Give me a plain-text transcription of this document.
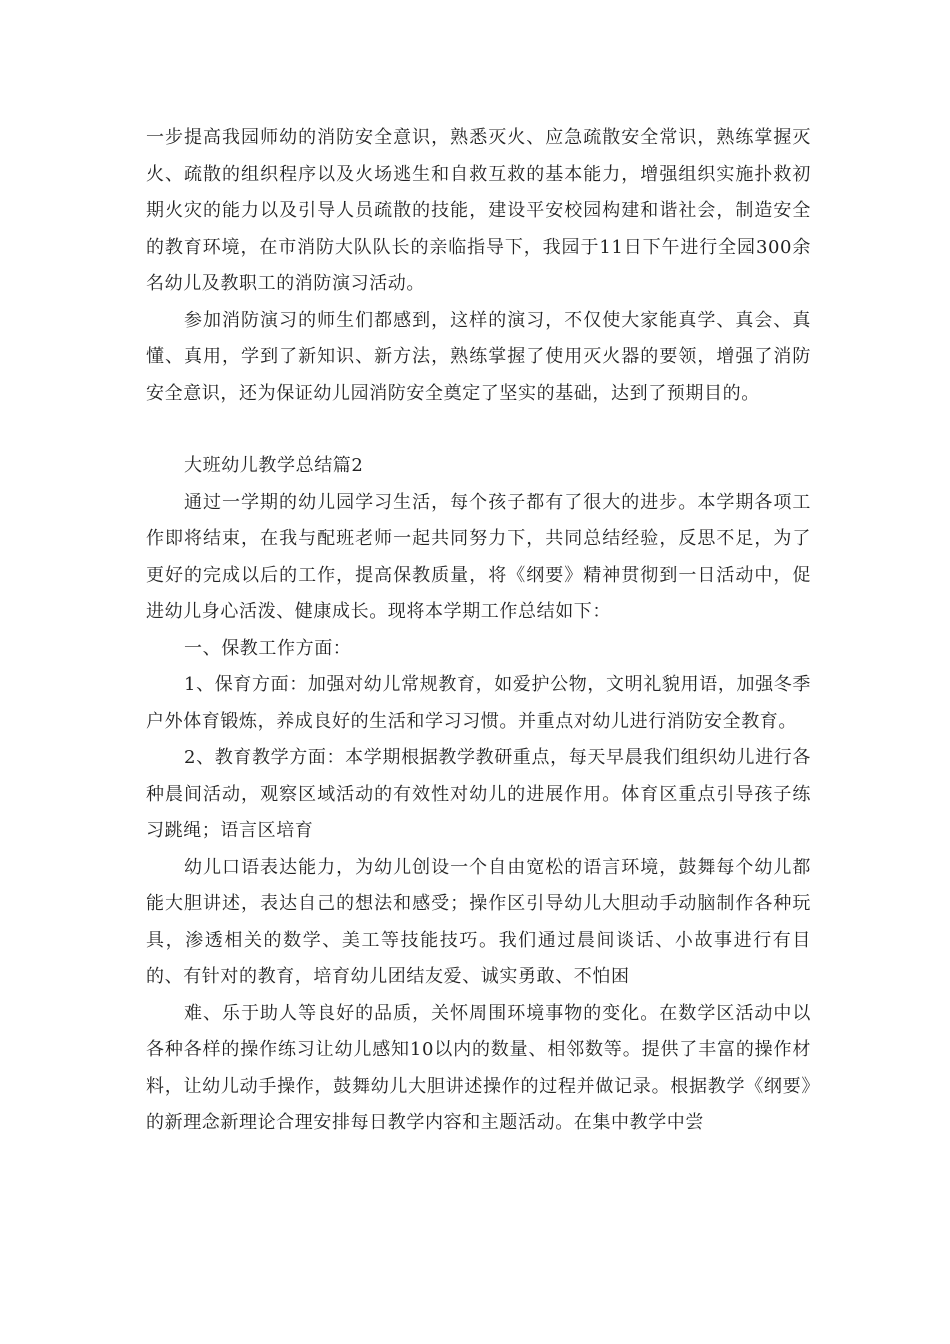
一步提高我园师幼的消防安全意识，熟悉灭火、应急疏散安全常识，熟练掌握灭火、疏散的组织程序以及火场逃生和自救互救的基本能力，增强组织实施扑救初期火灾的能力以及引导人员疏散的技能，建设平安校园构建和谐社会，制造安全的教育环境，在市消防大队队长的亲临指导下，我园于11日下午进行全园300余名幼儿及教职工的消防演习活动。

参加消防演习的师生们都感到，这样的演习，不仅使大家能真学、真会、真懂、真用，学到了新知识、新方法，熟练掌握了使用灭火器的要领，增强了消防安全意识，还为保证幼儿园消防安全奠定了坚实的基础，达到了预期目的。

大班幼儿教学总结篇2

通过一学期的幼儿园学习生活，每个孩子都有了很大的进步。本学期各项工作即将结束，在我与配班老师一起共同努力下，共同总结经验，反思不足，为了更好的完成以后的工作，提高保教质量，将《纲要》精神贯彻到一日活动中，促进幼儿身心活泼、健康成长。现将本学期工作总结如下：

一、保教工作方面：

1、保育方面：加强对幼儿常规教育，如爱护公物，文明礼貌用语，加强冬季户外体育锻炼，养成良好的生活和学习习惯。并重点对幼儿进行消防安全教育。

2、教育教学方面：本学期根据教学教研重点，每天早晨我们组织幼儿进行各种晨间活动，观察区域活动的有效性对幼儿的进展作用。体育区重点引导孩子练习跳绳；语言区培育

幼儿口语表达能力，为幼儿创设一个自由宽松的语言环境，鼓舞每个幼儿都能大胆讲述，表达自己的想法和感受；操作区引导幼儿大胆动手动脑制作各种玩具，渗透相关的数学、美工等技能技巧。我们通过晨间谈话、小故事进行有目的、有针对的教育，培育幼儿团结友爱、诚实勇敢、不怕困

难、乐于助人等良好的品质，关怀周围环境事物的变化。在数学区活动中以各种各样的操作练习让幼儿感知10以内的数量、相邻数等。提供了丰富的操作材料，让幼儿动手操作，鼓舞幼儿大胆讲述操作的过程并做记录。根据教学《纲要》的新理念新理论合理安排每日教学内容和主题活动。在集中教学中尝
